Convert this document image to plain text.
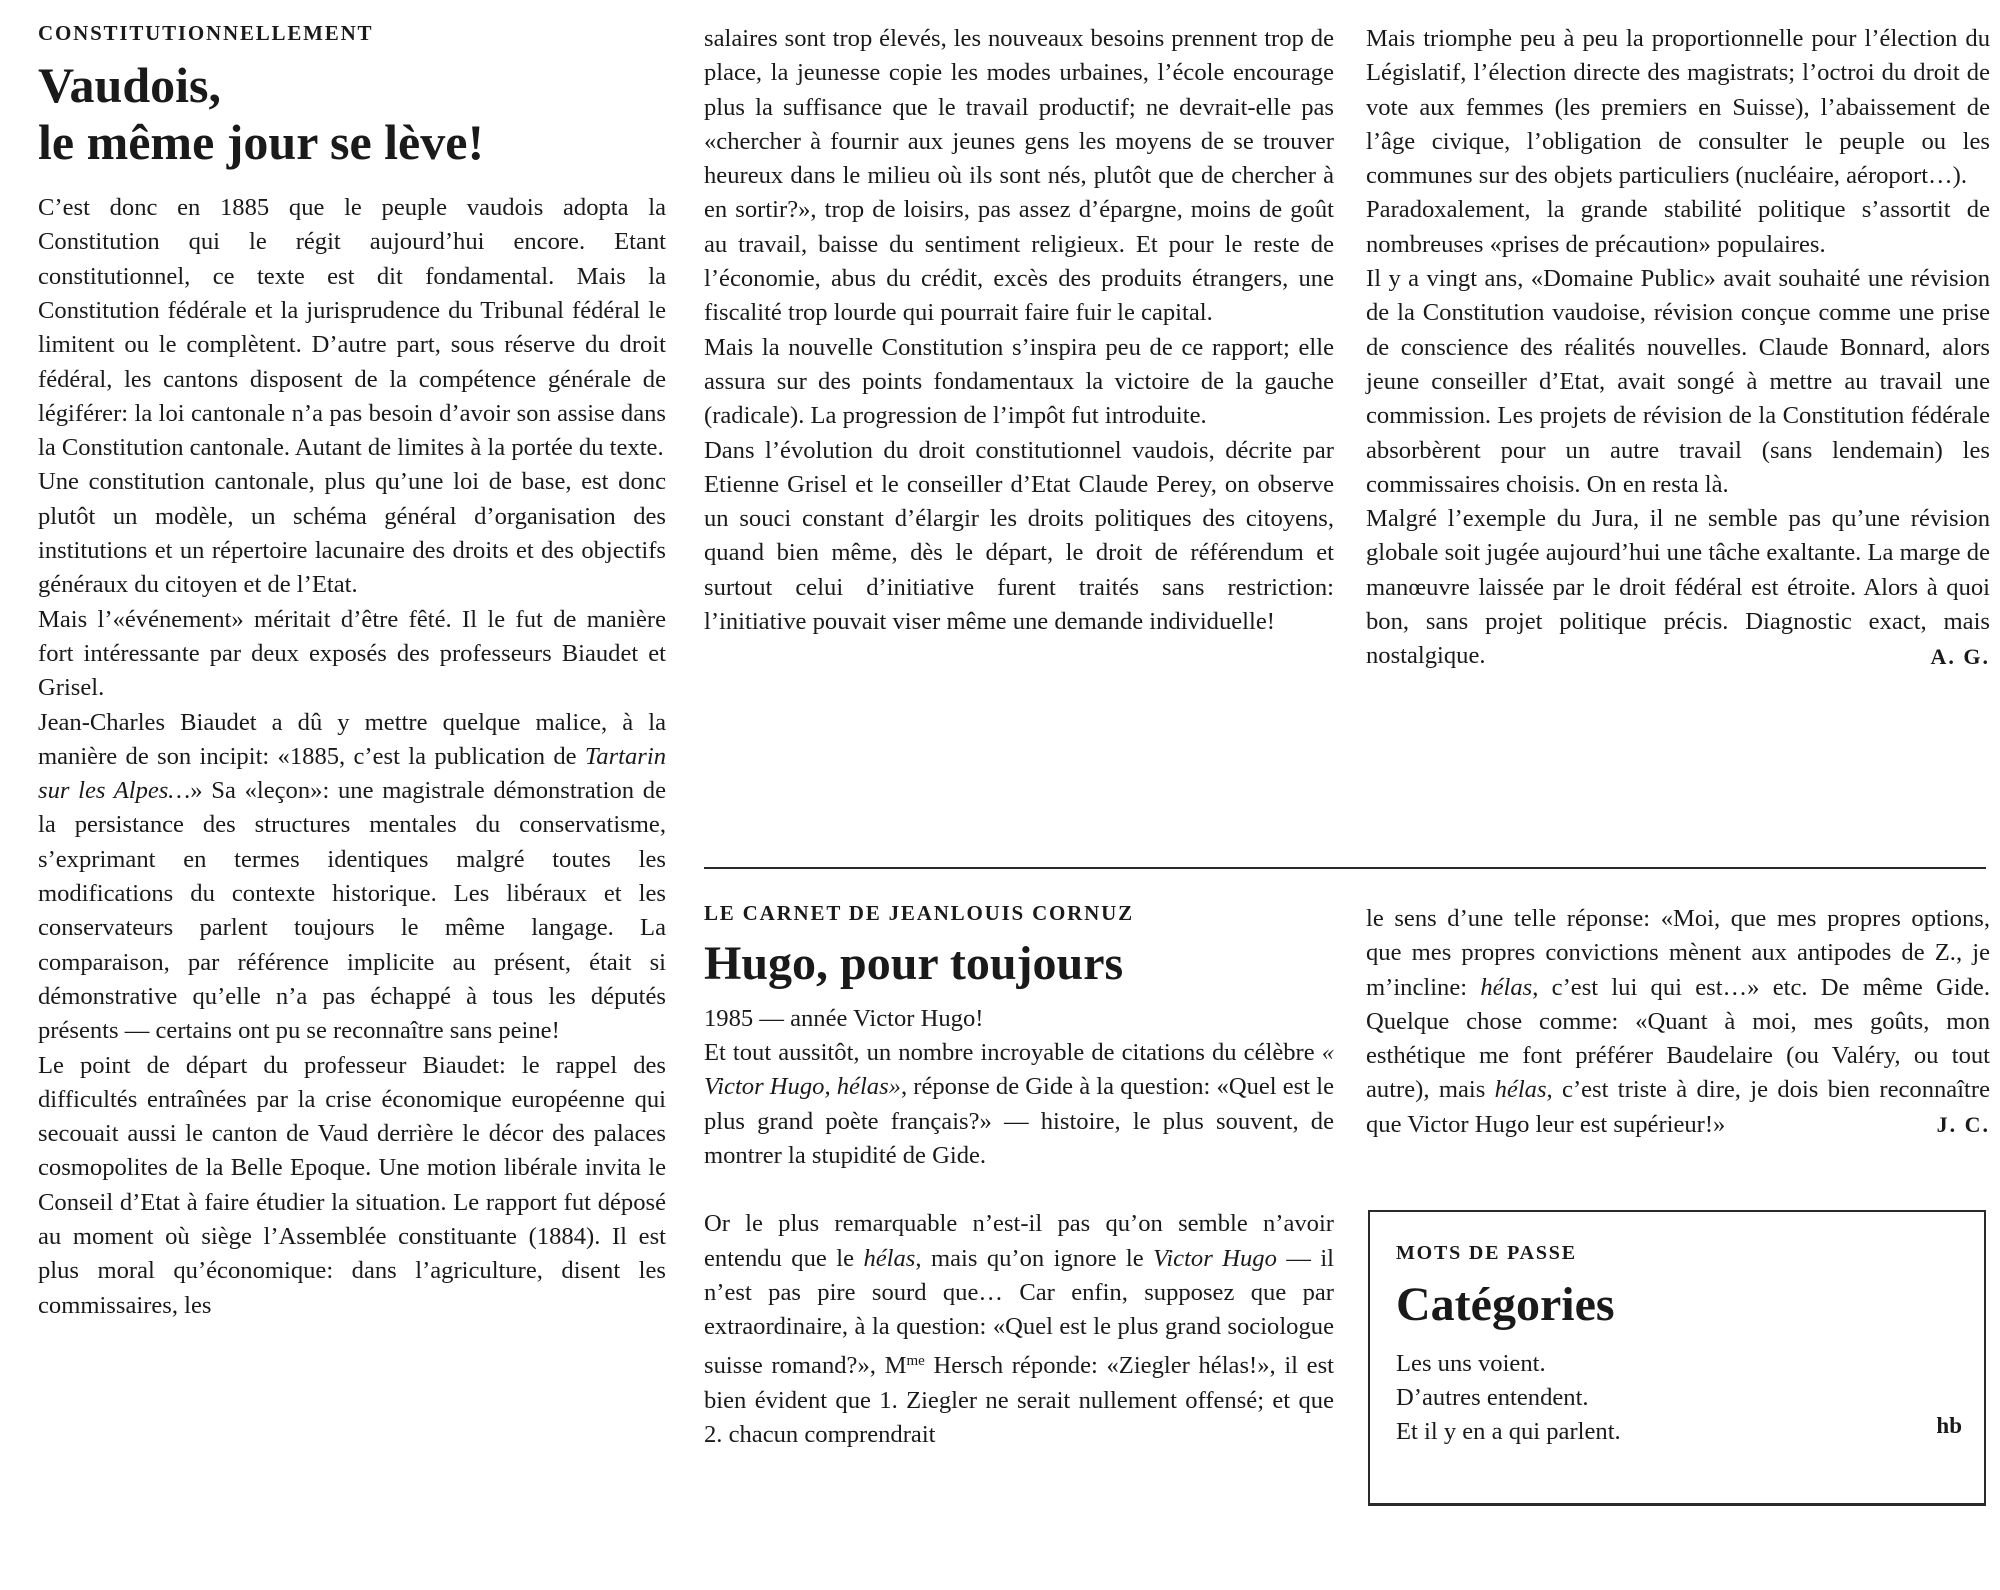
CONSTITUTIONNELLEMENT
Vaudois,
le même jour se lève!

C’est donc en 1885 que le peuple vaudois adopta la Constitution qui le régit aujourd’hui encore. Etant constitutionnel, ce texte est dit fondamental. Mais la Constitution fédérale et la jurisprudence du Tribunal fédéral le limitent ou le complètent. D’autre part, sous réserve du droit fédéral, les cantons disposent de la compétence générale de légiférer: la loi cantonale n’a pas besoin d’avoir son assise dans la Constitution cantonale. Autant de limites à la portée du texte.

Une constitution cantonale, plus qu’une loi de base, est donc plutôt un modèle, un schéma général d’organisation des institutions et un répertoire lacunaire des droits et des objectifs généraux du citoyen et de l’Etat.

Mais l’«événement» méritait d’être fêté. Il le fut de manière fort intéressante par deux exposés des professeurs Biaudet et Grisel.

Jean-Charles Biaudet a dû y mettre quelque malice, à la manière de son incipit: «1885, c’est la publication de Tartarin sur les Alpes…» Sa «leçon»: une magistrale démonstration de la persistance des structures mentales du conservatisme, s’exprimant en termes identiques malgré toutes les modifications du contexte historique. Les libéraux et les conservateurs parlent toujours le même langage. La comparaison, par référence implicite au présent, était si démonstrative qu’elle n’a pas échappé à tous les députés présents — certains ont pu se reconnaître sans peine!

Le point de départ du professeur Biaudet: le rappel des difficultés entraînées par la crise économique européenne qui secouait aussi le canton de Vaud derrière le décor des palaces cosmopolites de la Belle Epoque. Une motion libérale invita le Conseil d’Etat à faire étudier la situation. Le rapport fut déposé au moment où siège l’Assemblée constituante (1884). Il est plus moral qu’économique: dans l’agriculture, disent les commissaires, les

salaires sont trop élevés, les nouveaux besoins prennent trop de place, la jeunesse copie les modes urbaines, l’école encourage plus la suffisance que le travail productif; ne devrait-elle pas «chercher à fournir aux jeunes gens les moyens de se trouver heureux dans le milieu où ils sont nés, plutôt que de chercher à en sortir?», trop de loisirs, pas assez d’épargne, moins de goût au travail, baisse du sentiment religieux. Et pour le reste de l’économie, abus du crédit, excès des produits étrangers, une fiscalité trop lourde qui pourrait faire fuir le capital.

Mais la nouvelle Constitution s’inspira peu de ce rapport; elle assura sur des points fondamentaux la victoire de la gauche (radicale). La progression de l’impôt fut introduite.

Dans l’évolution du droit constitutionnel vaudois, décrite par Etienne Grisel et le conseiller d’Etat Claude Perey, on observe un souci constant d’élargir les droits politiques des citoyens, quand bien même, dès le départ, le droit de référendum et surtout celui d’initiative furent traités sans restriction: l’initiative pouvait viser même une demande individuelle!

Mais triomphe peu à peu la proportionnelle pour l’élection du Législatif, l’élection directe des magistrats; l’octroi du droit de vote aux femmes (les premiers en Suisse), l’abaissement de l’âge civique, l’obligation de consulter le peuple ou les communes sur des objets particuliers (nucléaire, aéroport…).

Paradoxalement, la grande stabilité politique s’assortit de nombreuses «prises de précaution» populaires.

Il y a vingt ans, «Domaine Public» avait souhaité une révision de la Constitution vaudoise, révision conçue comme une prise de conscience des réalités nouvelles. Claude Bonnard, alors jeune conseiller d’Etat, avait songé à mettre au travail une commission. Les projets de révision de la Constitution fédérale absorbèrent pour un autre travail (sans lendemain) les commissaires choisis. On en resta là.

Malgré l’exemple du Jura, il ne semble pas qu’une révision globale soit jugée aujourd’hui une tâche exaltante. La marge de manœuvre laissée par le droit fédéral est étroite. Alors à quoi bon, sans projet politique précis. Diagnostic exact, mais nostalgique.	A. G.
LE CARNET DE JEANLOUIS CORNUZ
Hugo, pour toujours

1985 — année Victor Hugo!

Et tout aussitôt, un nombre incroyable de citations du célèbre « Victor Hugo, hélas», réponse de Gide à la question: «Quel est le plus grand poète français?» — histoire, le plus souvent, de montrer la stupidité de Gide.

Or le plus remarquable n’est-il pas qu’on semble n’avoir entendu que le hélas, mais qu’on ignore le Victor Hugo — il n’est pas pire sourd que… Car enfin, supposez que par extraordinaire, à la question: «Quel est le plus grand sociologue suisse romand?», $M^{me}$ Hersch réponde: «Ziegler hélas!», il est bien évident que 1. Ziegler ne serait nullement offensé; et que 2. chacun comprendrait

le sens d’une telle réponse: «Moi, que mes propres options, que mes propres convictions mènent aux antipodes de Z., je m’incline: hélas, c’est lui qui est…» etc. De même Gide. Quelque chose comme: «Quant à moi, mes goûts, mon esthétique me font préférer Baudelaire (ou Valéry, ou tout autre), mais hélas, c’est triste à dire, je dois bien reconnaître que Victor Hugo leur est supérieur!»	J. C.

MOTS DE PASSE
Catégories

Les uns voient.

D’autres entendent.

Et il y en a qui parlent.	hb
